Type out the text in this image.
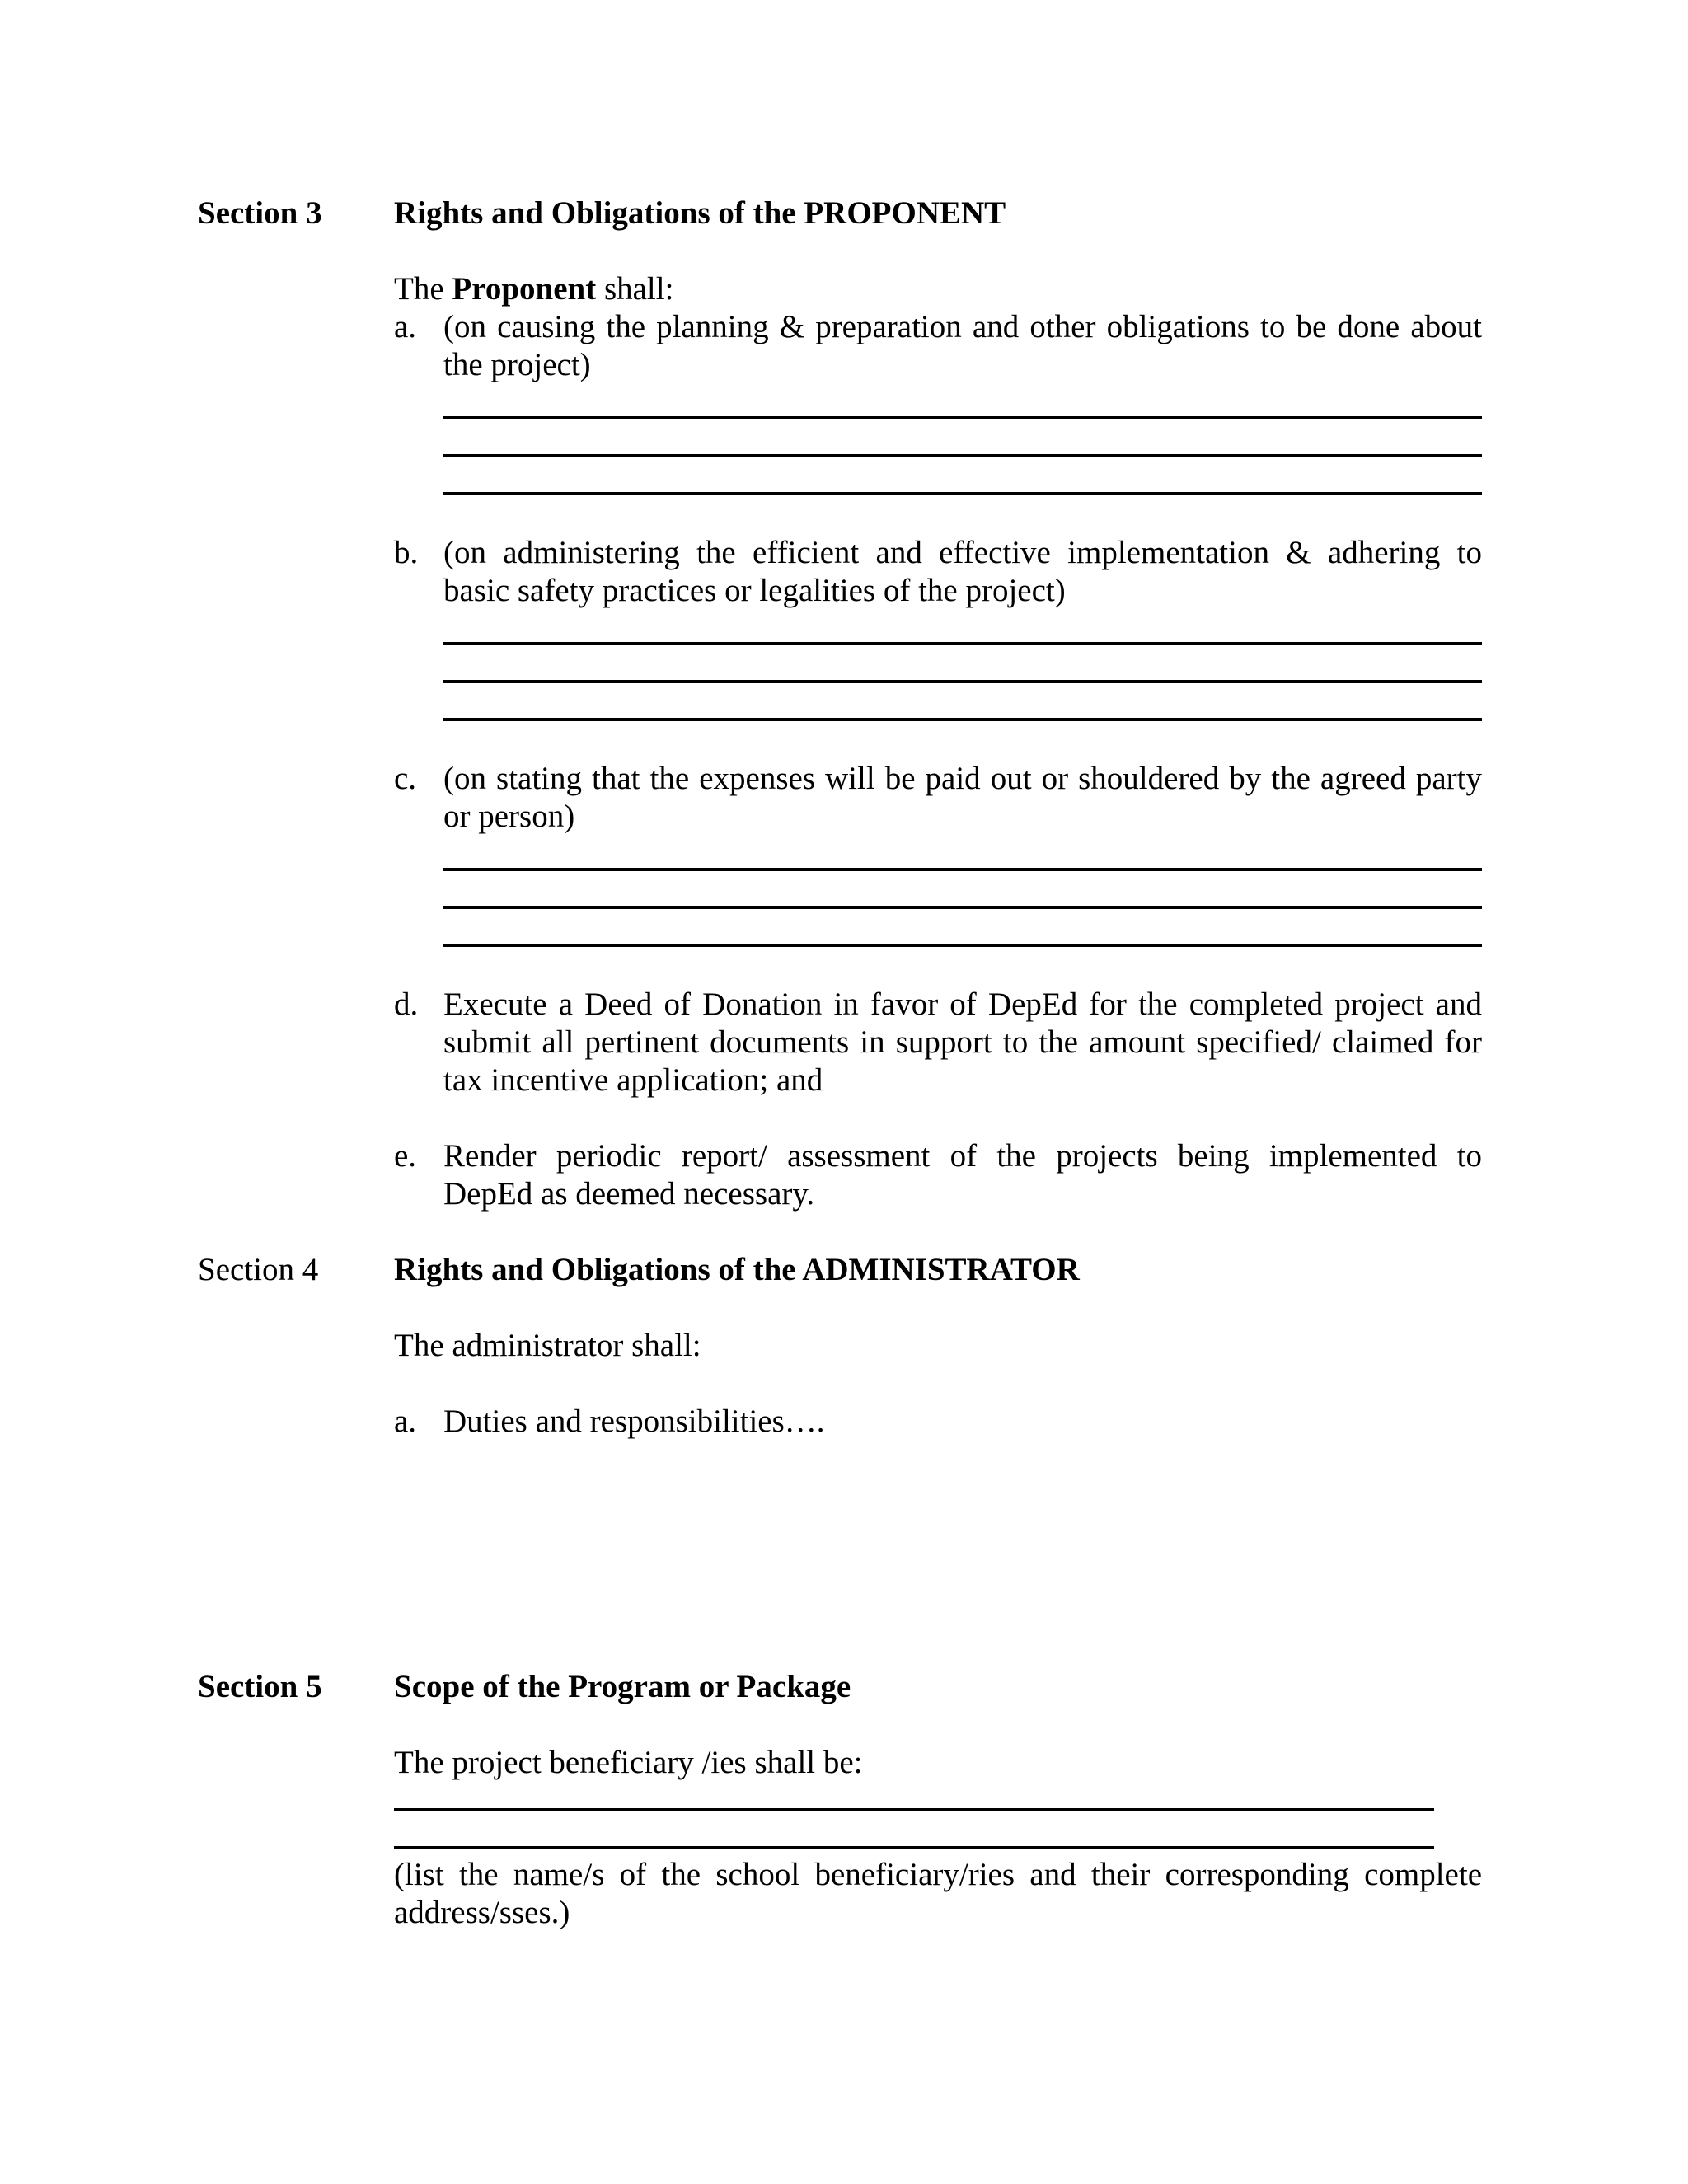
Section 3 Rights and Obligations of the PROPONENT
The Proponent shall:
a. (on causing the planning & preparation and other obligations to be done about
the project)
b. (on administering the efficient and effective implementation & adhering to
basic safety practices or legalities of the project)
c. (on stating that the expenses will be paid out or shouldered by the agreed party
or person)
d. Execute a Deed of Donation in favor of DepEd for the completed project and
submit all pertinent documents in support to the amount specified/ claimed for
tax incentive application; and
e. Render periodic report/ assessment of the projects being implemented to
DepEd as deemed necessary.
Section 4 Rights and Obligations of the ADMINISTRATOR
The administrator shall:
a. Duties and responsibilities….
Section 5 Scope of the Program or Package
The project beneficiary /ies shall be:
(list the name/s of the school beneficiary/ries and their corresponding complete
address/sses.)
